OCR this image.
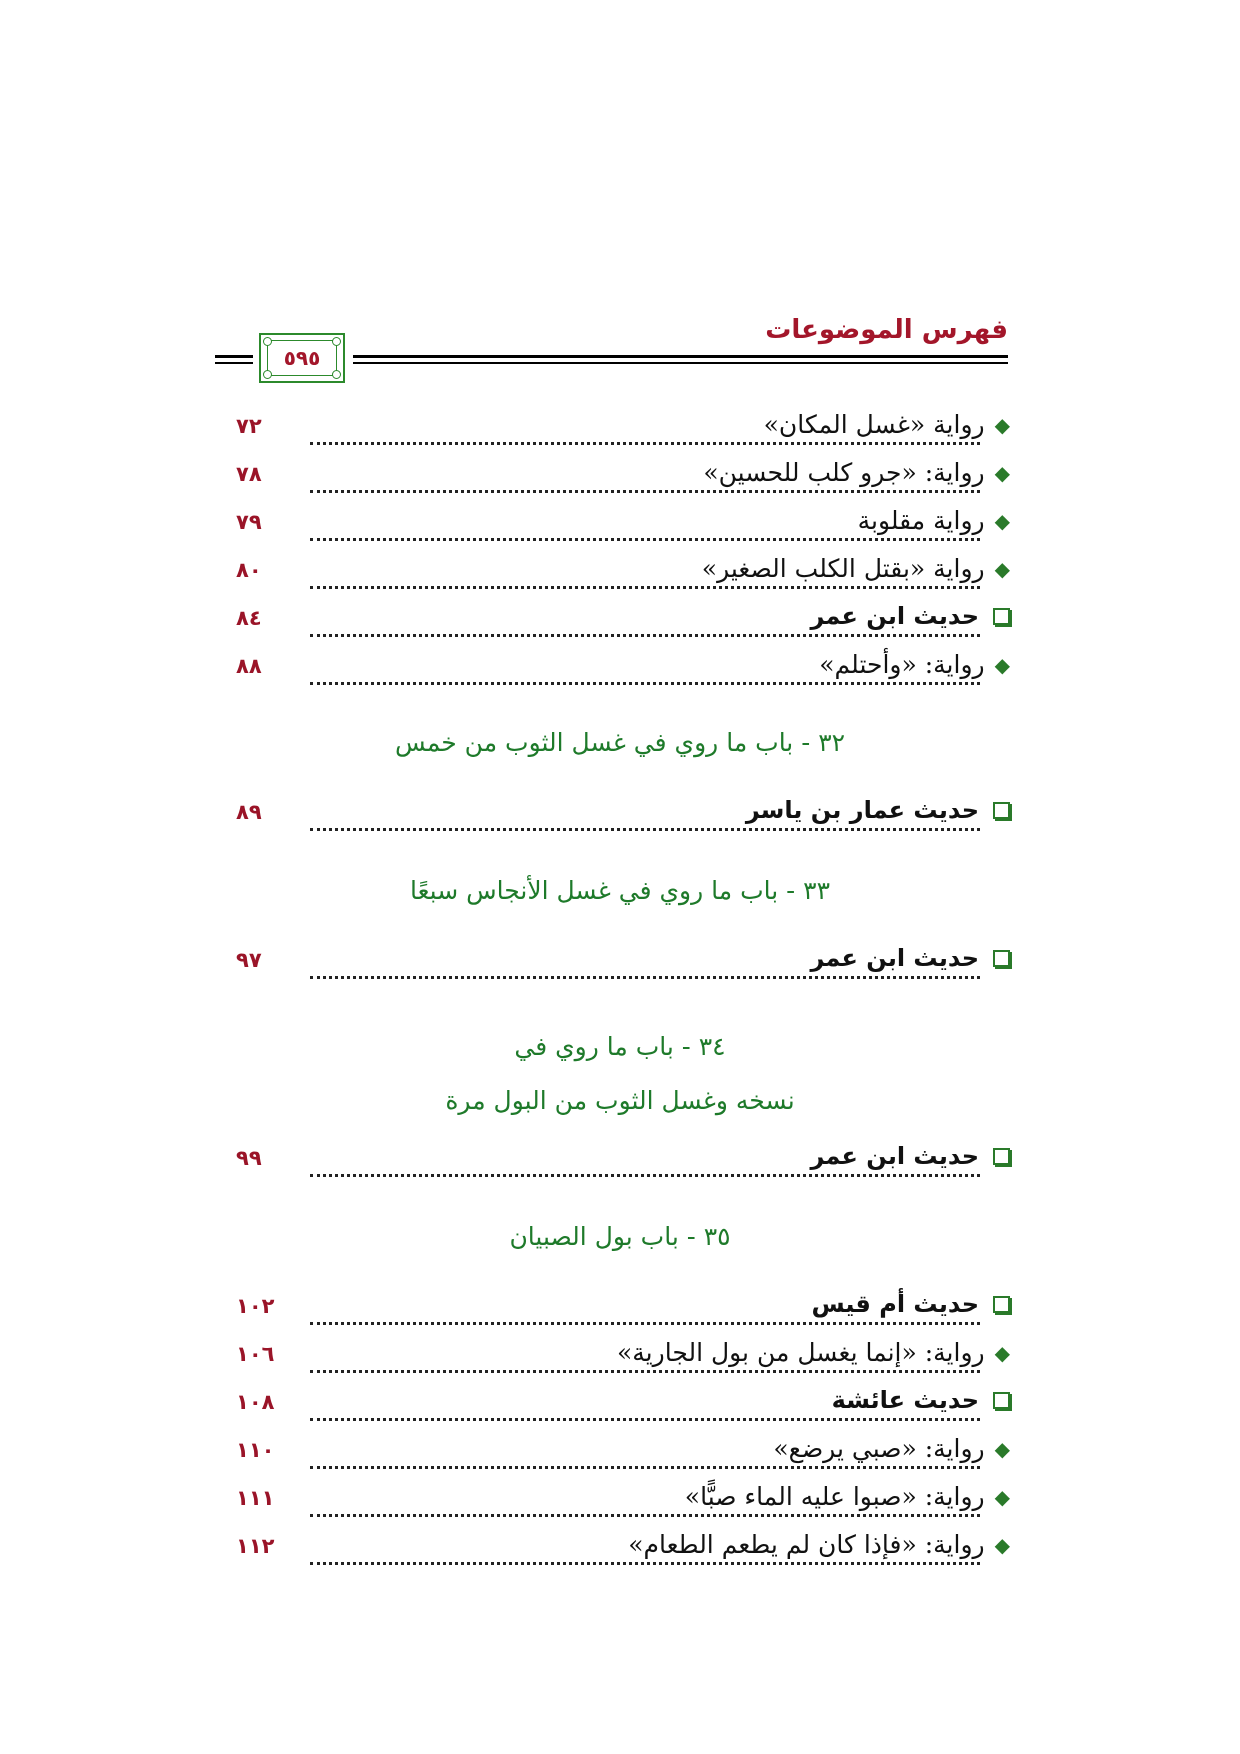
فهرس الموضوعات
٥٩٥
◆
رواية «غسل المكان»
٧٢
◆
رواية: «جرو كلب للحسين»
٧٨
◆
رواية مقلوبة
٧٩
◆
رواية «بقتل الكلب الصغير»
٨٠
حديث ابن عمر
٨٤
◆
رواية: «وأحتلم»
٨٨
٣٢ - باب ما روي في غسل الثوب من خمس
حديث عمار بن ياسر
٨٩
٣٣ - باب ما روي في غسل الأنجاس سبعًا
حديث ابن عمر
٩٧
٣٤ - باب ما روي في
نسخه وغسل الثوب من البول مرة
حديث ابن عمر
٩٩
٣٥ - باب بول الصبيان
حديث أم قيس
١٠٢
◆
رواية: «إنما يغسل من بول الجارية»
١٠٦
حديث عائشة
١٠٨
◆
رواية: «صبي يرضع»
١١٠
◆
رواية: «صبوا عليه الماء صبًّا»
١١١
◆
رواية: «فإذا كان لم يطعم الطعام»
١١٢
